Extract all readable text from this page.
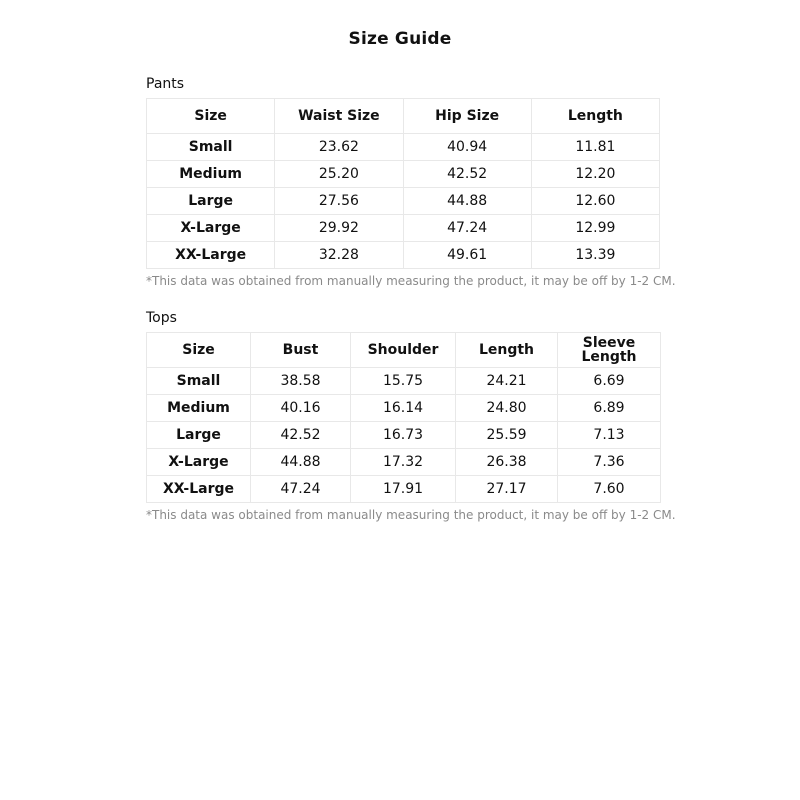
Size Guide
Pants
Size	Waist Size	Hip Size	Length
Small	23.62	40.94	11.81
Medium	25.20	42.52	12.20
Large	27.56	44.88	12.60
X-Large	29.92	47.24	12.99
XX-Large	32.28	49.61	13.39
*This data was obtained from manually measuring the product, it may be off by 1-2 CM.
Tops
Size	Bust	Shoulder	Length	Sleeve Length
Small	38.58	15.75	24.21	6.69
Medium	40.16	16.14	24.80	6.89
Large	42.52	16.73	25.59	7.13
X-Large	44.88	17.32	26.38	7.36
XX-Large	47.24	17.91	27.17	7.60
*This data was obtained from manually measuring the product, it may be off by 1-2 CM.
